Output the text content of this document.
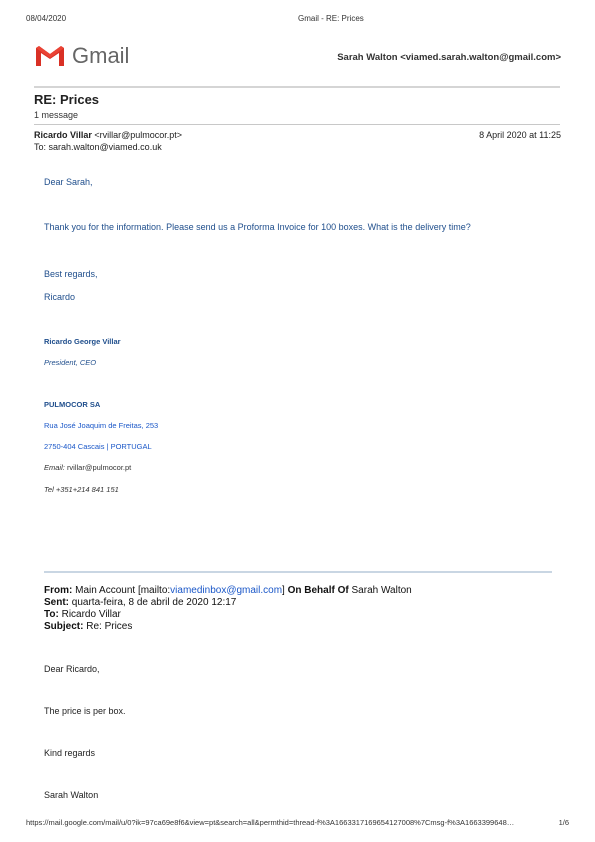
08/04/2020	Gmail - RE: Prices
Gmail	Sarah Walton <viamed.sarah.walton@gmail.com>
RE: Prices
1 message
Ricardo Villar <rvillar@pulmocor.pt>	8 April 2020 at 11:25
To: sarah.walton@viamed.co.uk
Dear Sarah,
Thank you for the information. Please send us a Proforma Invoice for 100 boxes. What is the delivery time?
Best regards,
Ricardo
Ricardo George Villar
President, CEO
PULMOCOR SA
Rua José Joaquim de Freitas, 253
2750-404 Cascais | PORTUGAL
Email: rvillar@pulmocor.pt
Tel +351+214 841 151
From: Main Account [mailto:viamedinbox@gmail.com] On Behalf Of Sarah Walton
Sent: quarta-feira, 8 de abril de 2020 12:17
To: Ricardo Villar
Subject: Re: Prices
Dear Ricardo,
The price is per box.
Kind regards
Sarah Walton
https://mail.google.com/mail/u/0?ik=97ca69e8f6&view=pt&search=all&permthid=thread-f%3A1663317169654127008%7Cmsg-f%3A1663399648…	1/6
